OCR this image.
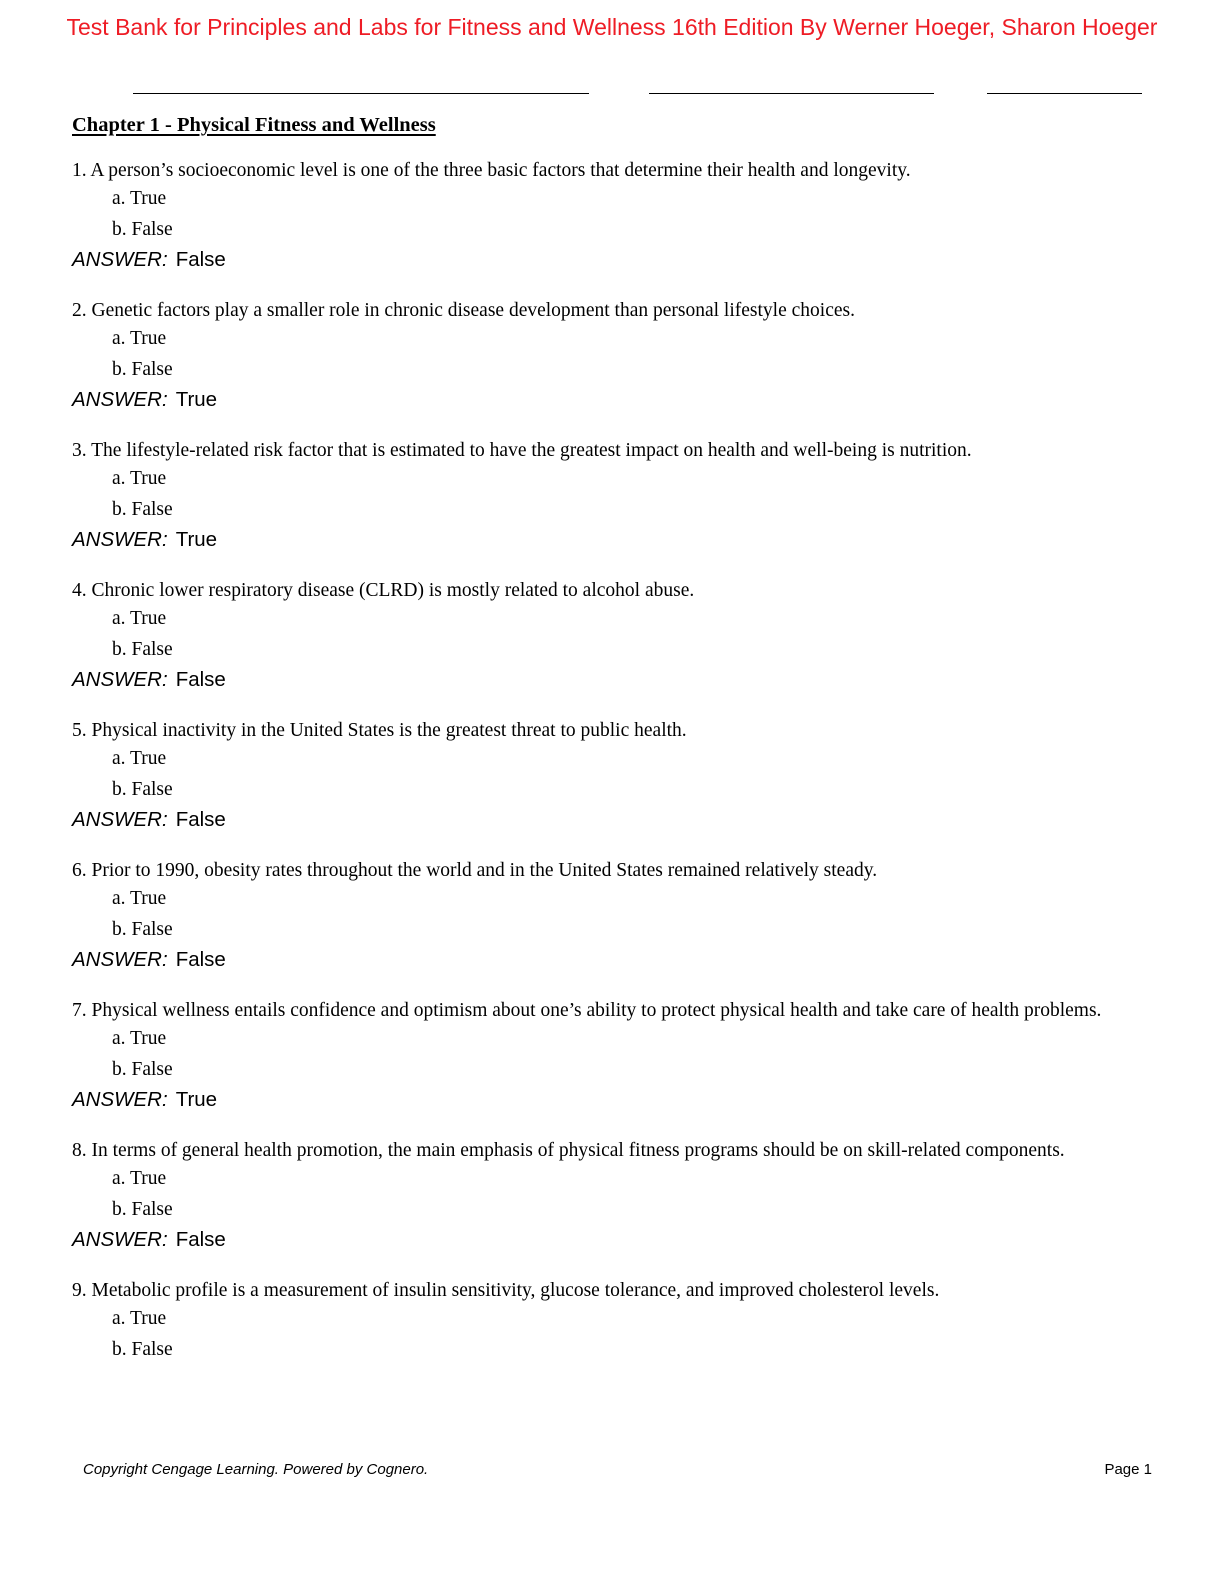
Test Bank for Principles and Labs for Fitness and Wellness 16th Edition By Werner Hoeger, Sharon Hoeger
Chapter 1 - Physical Fitness and Wellness
1. A person’s socioeconomic level is one of the three basic factors that determine their health and longevity.
a. True
b. False
ANSWER: False
2. Genetic factors play a smaller role in chronic disease development than personal lifestyle choices.
a. True
b. False
ANSWER: True
3. The lifestyle-related risk factor that is estimated to have the greatest impact on health and well-being is nutrition.
a. True
b. False
ANSWER: True
4. Chronic lower respiratory disease (CLRD) is mostly related to alcohol abuse.
a. True
b. False
ANSWER: False
5. Physical inactivity in the United States is the greatest threat to public health.
a. True
b. False
ANSWER: False
6. Prior to 1990, obesity rates throughout the world and in the United States remained relatively steady.
a. True
b. False
ANSWER: False
7. Physical wellness entails confidence and optimism about one’s ability to protect physical health and take care of health problems.
a. True
b. False
ANSWER: True
8. In terms of general health promotion, the main emphasis of physical fitness programs should be on skill-related components.
a. True
b. False
ANSWER: False
9. Metabolic profile is a measurement of insulin sensitivity, glucose tolerance, and improved cholesterol levels.
a. True
b. False
Copyright Cengage Learning. Powered by Cognero.	Page 1
